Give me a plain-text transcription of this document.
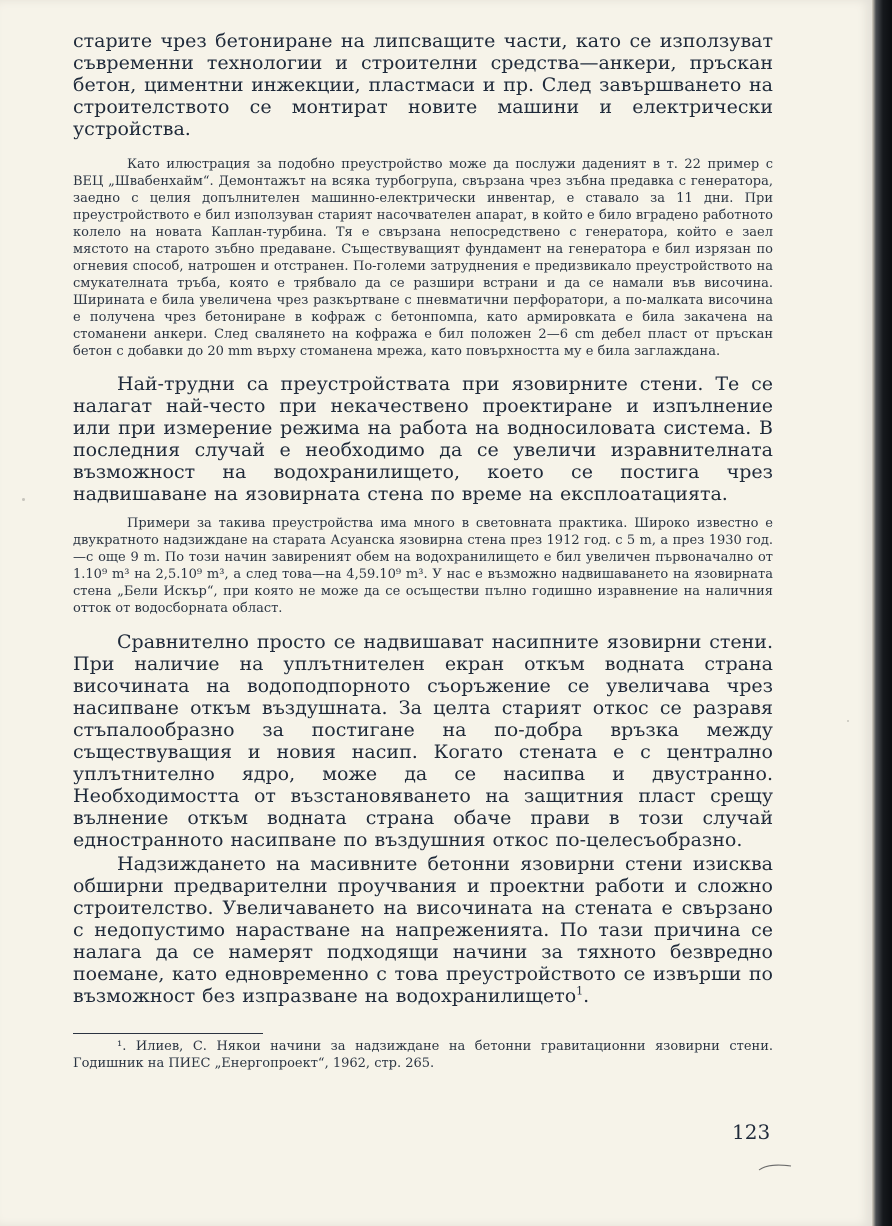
старите чрез бетониране на липсващите части, като се използуват съвременни технологии и строителни средства—анкери, пръскан бетон, циментни инжекции, пластмаси и пр. След завършването на строителството се монтират новите машини и електрически устройства.

Като илюстрация за подобно преустройство може да послужи даденият в т. 22 пример с ВЕЦ „Швабенхайм“. Демонтажът на всяка турбогрупа, свързана чрез зъбна предавка с генератора, заедно с целия допълнителен машинно-електрически инвентар, е ставало за 11 дни. При преустройството е бил използуван старият насочвателен апарат, в който е било вградено работното колело на новата Каплан-турбина. Тя е свързана непосредствено с генератора, който е заел мястото на старото зъбно предаване. Съществуващият фундамент на генератора е бил изрязан по огневия способ, натрошен и отстранен. По-големи затруднения е предизвикало преустройството на смукателната тръба, която е трябвало да се разшири встрани и да се намали във височина. Ширината е била увеличена чрез разкъртване с пневматични перфоратори, а по-малката височина е получена чрез бетониране в кофраж с бетонпомпа, като армировката е била закачена на стоманени анкери. След свалянето на кофража е бил положен 2—6 cm дебел пласт от пръскан бетон с добавки до 20 mm върху стоманена мрежа, като повърхността му е била заглаждана.

Най-трудни са преустройствата при язовирните стени. Те се налагат най-често при некачествено проектиране и изпълнение или при измерение режима на работа на водносиловата система. В последния случай е необходимо да се увеличи изравнителната възможност на водохранилището, което се постига чрез надвишаване на язовирната стена по време на експлоатацията.

Примери за такива преустройства има много в световната практика. Широко известно е двукратното надзиждане на старата Асуанска язовирна стена през 1912 год. с 5 m, а през 1930 год.—с още 9 m. По този начин завиреният обем на водохранилището е бил увеличен първоначално от 1.10⁹ m³ на 2,5.10⁹ m³, а след това—на 4,59.10⁹ m³. У нас е възможно надвишаването на язовирната стена „Бели Искър“, при която не може да се осъществи пълно годишно изравнение на наличния отток от водосборната област.

Сравнително просто се надвишават насипните язовирни стени. При наличие на уплътнителен екран откъм водната страна височината на водоподпорното съоръжение се увеличава чрез насипване откъм въздушната. За целта старият откос се разравя стъпалообразно за постигане на по-добра връзка между съществуващия и новия насип. Когато стената е с централно уплътнително ядро, може да се насипва и двустранно. Необходимостта от възстановяването на защитния пласт срещу вълнение откъм водната страна обаче прави в този случай едностранното насипване по въздушния откос по-целесъобразно.

Надзиждането на масивните бетонни язовирни стени изисква обширни предварителни проучвания и проектни работи и сложно строителство. Увеличаването на височината на стената е свързано с недопустимо нарастване на напреженията. По тази причина се налага да се намерят подходящи начини за тяхното безвредно поемане, като едновременно с това преустройството се извърши по възможност без изпразване на водохранилището$^1$.

¹. Илиев, С. Някои начини за надзиждане на бетонни гравитационни язовирни стени. Годишник на ПИЕС „Енергопроект“, 1962, стр. 265.

123
